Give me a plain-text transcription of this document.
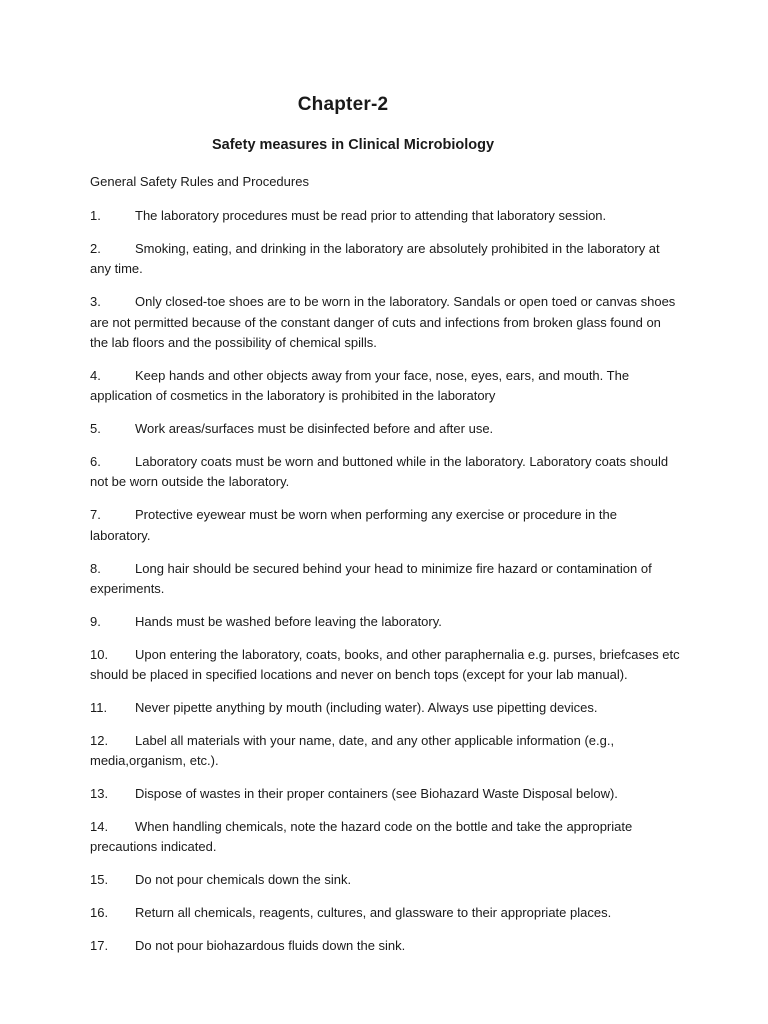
Chapter-2
Safety measures in Clinical Microbiology
General Safety Rules and Procedures
1.	The laboratory procedures must be read prior to attending that laboratory session.
2.	Smoking, eating, and drinking in the laboratory are absolutely prohibited in the laboratory at any time.
3.	Only closed-toe shoes are to be worn in the laboratory. Sandals or open toed or canvas shoes are not permitted because of the constant danger of cuts and infections from broken glass found on the lab floors and the possibility of chemical spills.
4.	Keep hands and other objects away from your face, nose, eyes, ears, and mouth. The application of cosmetics in the laboratory is prohibited in the laboratory
5.	Work areas/surfaces must be disinfected before and after use.
6.	Laboratory coats must be worn and buttoned while in the laboratory. Laboratory coats should not be worn outside the laboratory.
7.	Protective eyewear must be worn when performing any exercise or procedure in the laboratory.
8.	Long hair should be secured behind your head to minimize fire hazard or contamination of experiments.
9.	Hands must be washed before leaving the laboratory.
10. Upon entering the laboratory, coats, books, and other paraphernalia e.g. purses, briefcases etc should be placed in specified locations and never on bench tops (except for your lab manual).
11. Never pipette anything by mouth (including water). Always use pipetting devices.
12. Label all materials with your name, date, and any other applicable information (e.g., media,organism, etc.).
13. Dispose of wastes in their proper containers (see Biohazard Waste Disposal below).
14. When handling chemicals, note the hazard code on the bottle and take the appropriate precautions indicated.
15. Do not pour chemicals down the sink.
16. Return all chemicals, reagents, cultures, and glassware to their appropriate places.
17. Do not pour biohazardous fluids down the sink.
